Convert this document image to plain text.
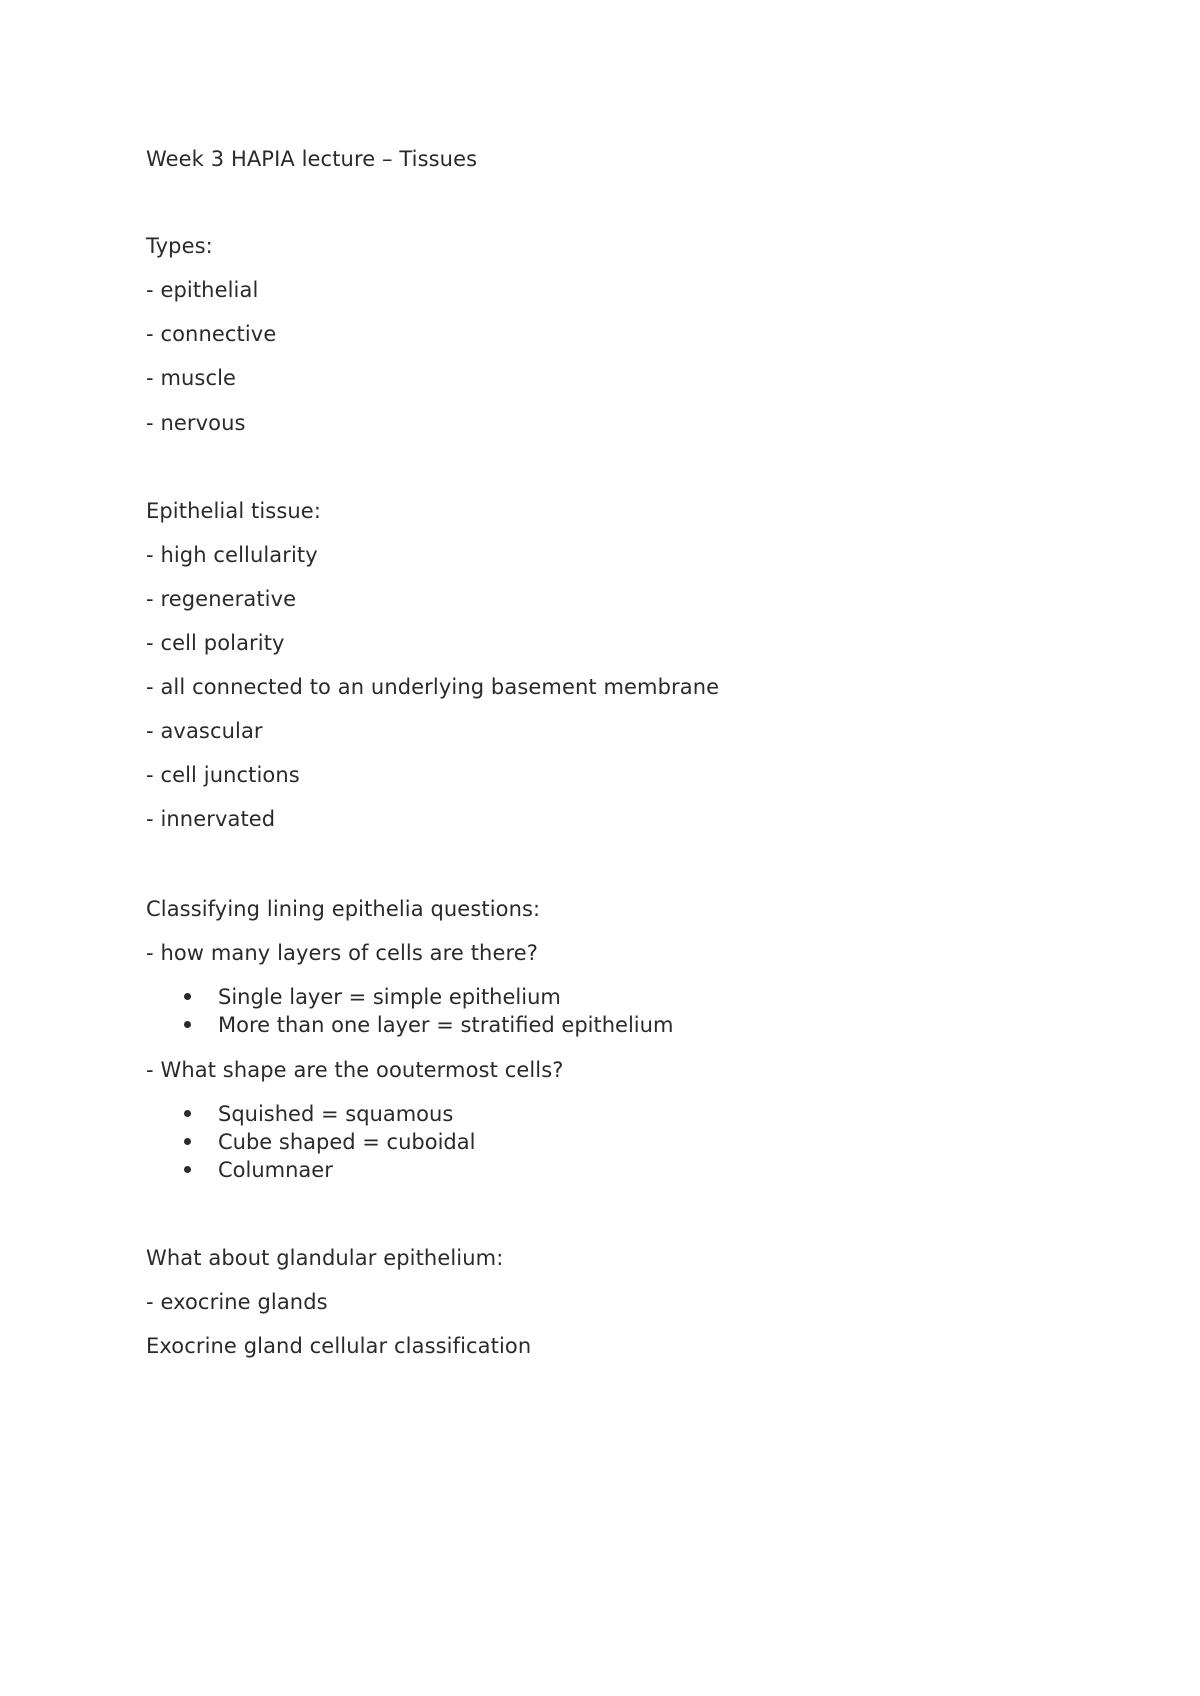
Week 3 HAPIA lecture – Tissues
Types:
- epithelial
- connective
- muscle
- nervous
Epithelial tissue:
- high cellularity
- regenerative
- cell polarity
- all connected to an underlying basement membrane
- avascular
- cell junctions
- innervated
Classifying lining epithelia questions:
- how many layers of cells are there?
Single layer = simple epithelium
More than one layer = stratified epithelium
- What shape are the ooutermost cells?
Squished = squamous
Cube shaped = cuboidal
Columnaer
What about glandular epithelium:
- exocrine glands
Exocrine gland cellular classification
